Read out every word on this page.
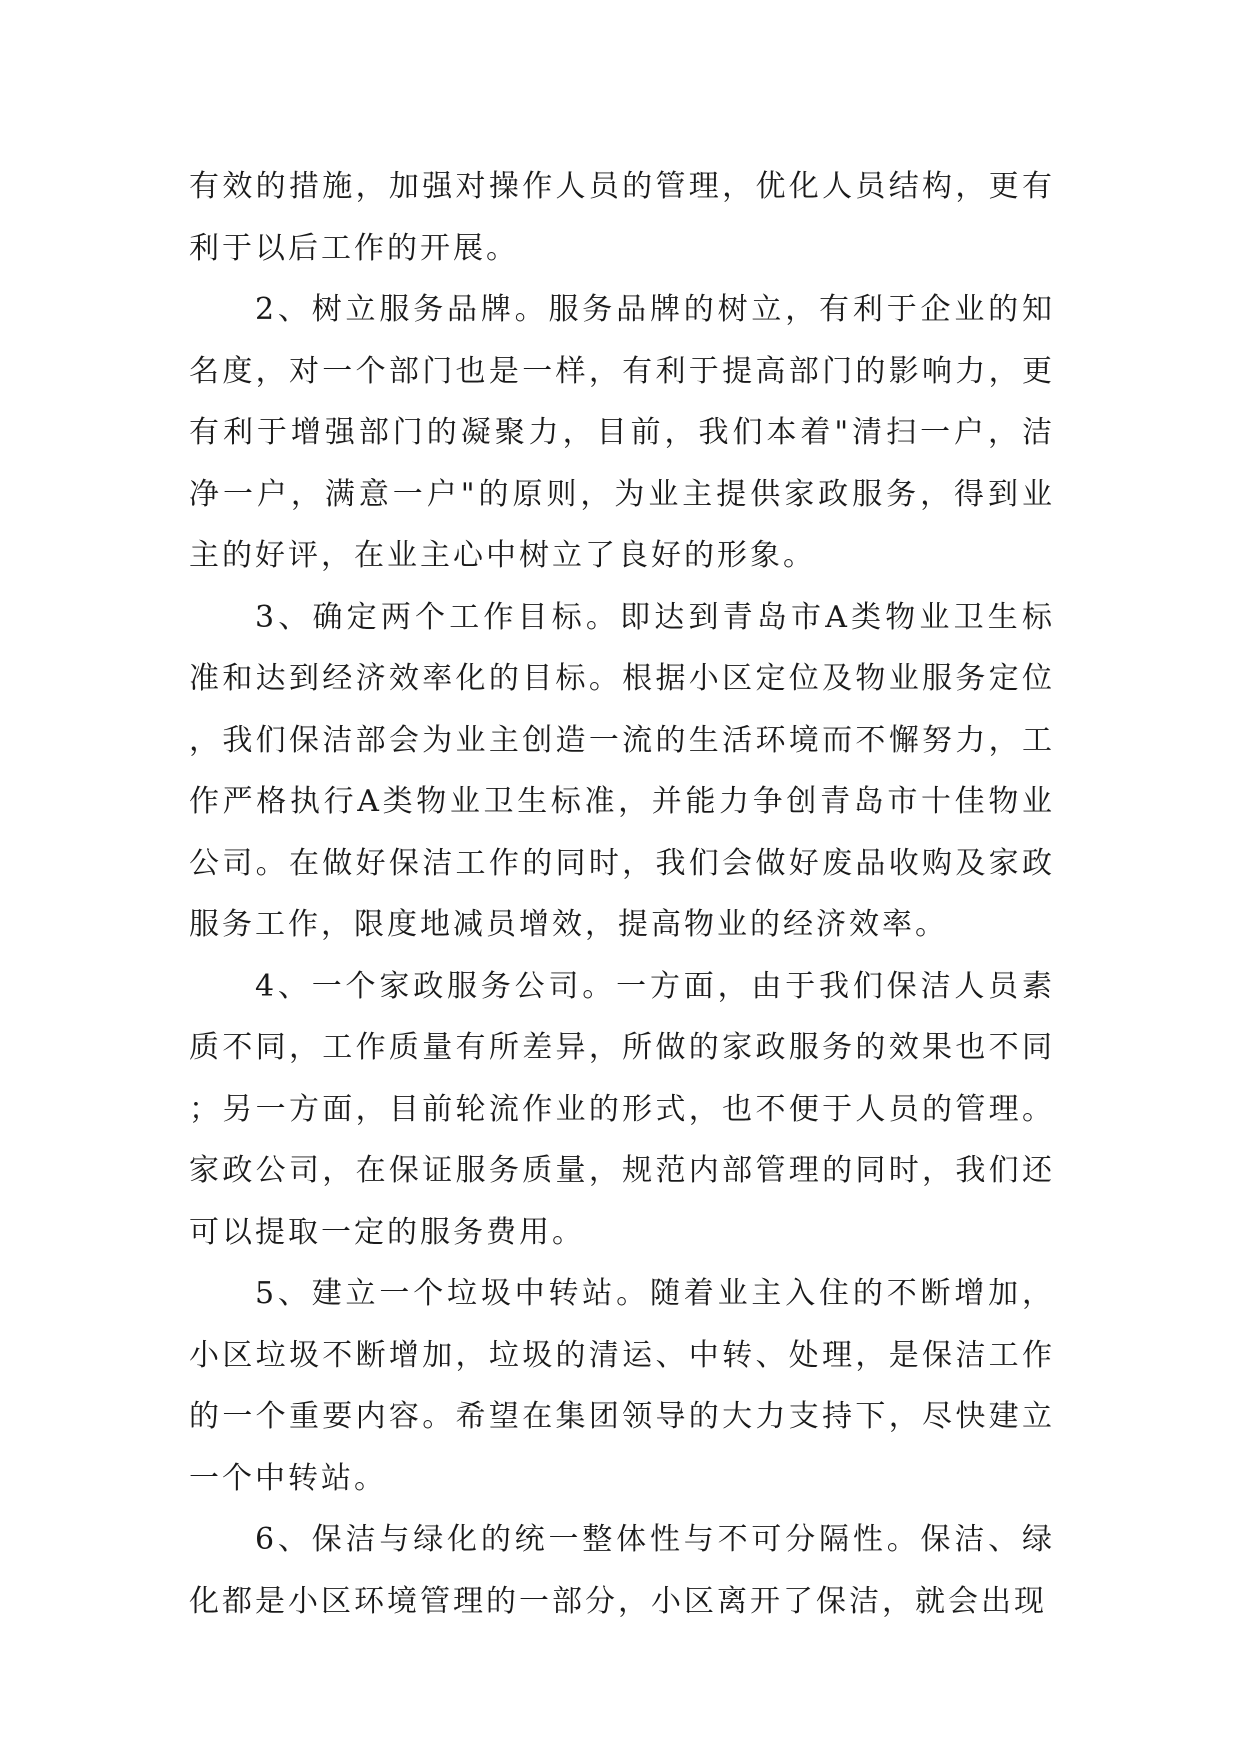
有效的措施，加强对操作人员的管理，优化人员结构，更有利于以后工作的开展。

2、树立服务品牌。服务品牌的树立，有利于企业的知名度，对一个部门也是一样，有利于提高部门的影响力，更有利于增强部门的凝聚力，目前，我们本着"清扫一户，洁净一户，满意一户"的原则，为业主提供家政服务，得到业主的好评，在业主心中树立了良好的形象。

3、确定两个工作目标。即达到青岛市A类物业卫生标准和达到经济效率化的目标。根据小区定位及物业服务定位，我们保洁部会为业主创造一流的生活环境而不懈努力，工作严格执行A类物业卫生标准，并能力争创青岛市十佳物业公司。在做好保洁工作的同时，我们会做好废品收购及家政服务工作，限度地减员增效，提高物业的经济效率。

4、一个家政服务公司。一方面，由于我们保洁人员素质不同，工作质量有所差异，所做的家政服务的效果也不同；另一方面，目前轮流作业的形式，也不便于人员的管理。家政公司，在保证服务质量，规范内部管理的同时，我们还可以提取一定的服务费用。

5、建立一个垃圾中转站。随着业主入住的不断增加，小区垃圾不断增加，垃圾的清运、中转、处理，是保洁工作的一个重要内容。希望在集团领导的大力支持下，尽快建立一个中转站。

6、保洁与绿化的统一整体性与不可分隔性。保洁、绿化都是小区环境管理的一部分，小区离开了保洁，就会出现
